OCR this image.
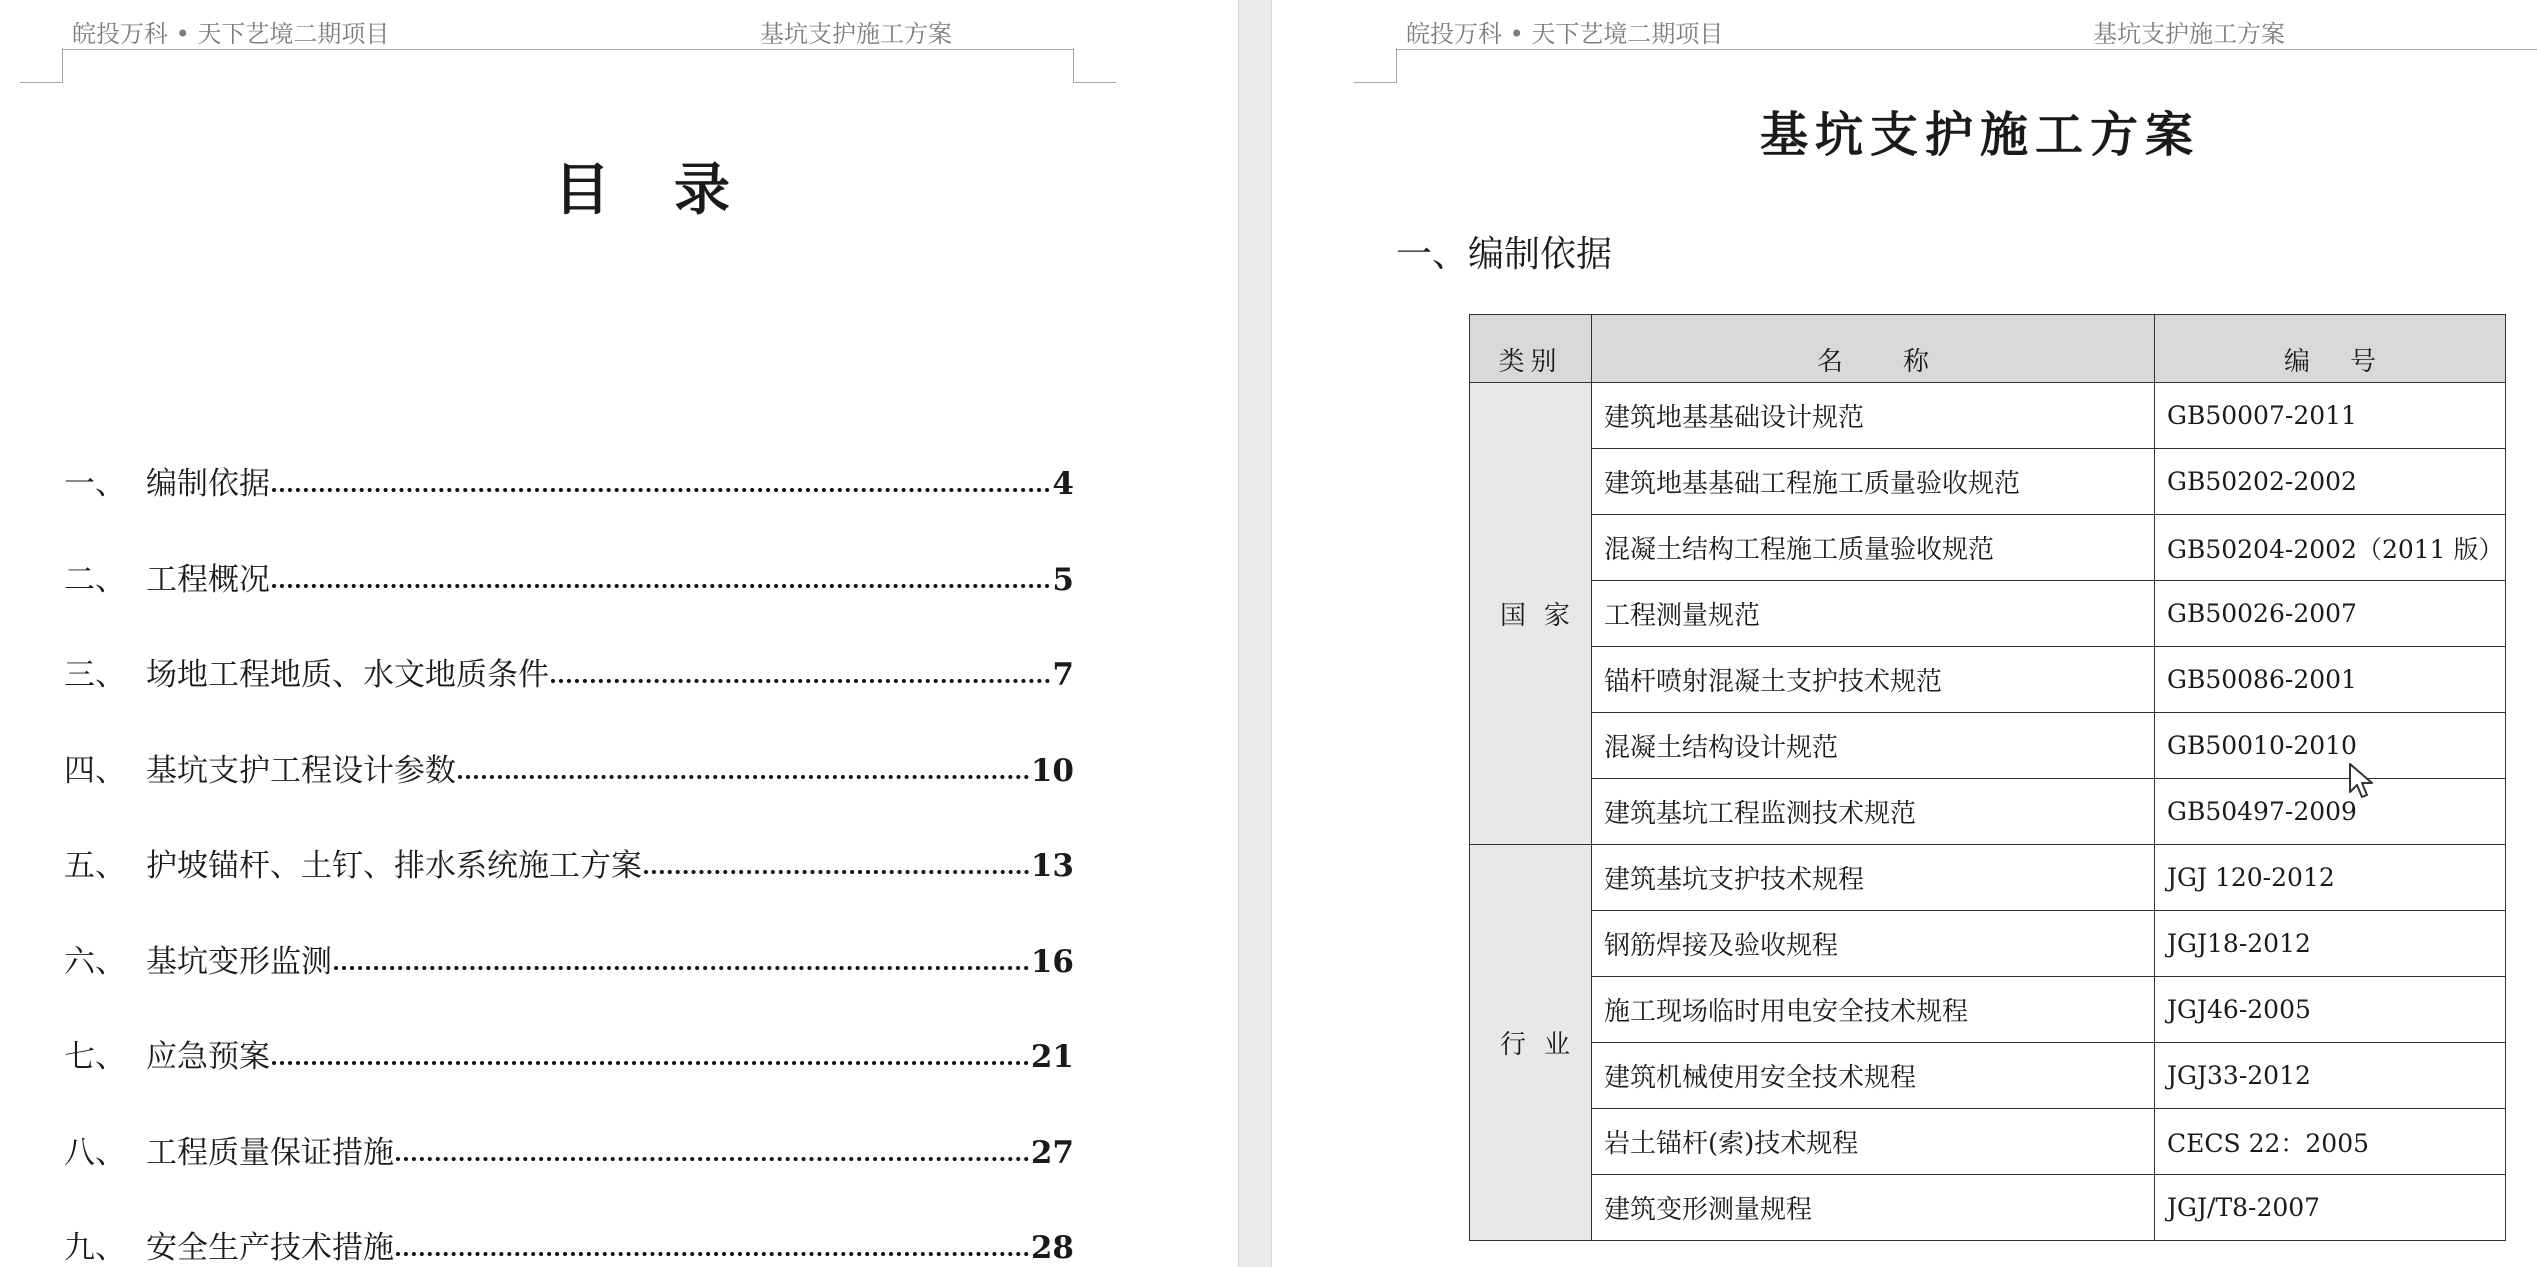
皖投万科 • 天下艺境二期项目	基坑支护施工方案
目录
一、 编制依据	4
二、 工程概况	5
三、 场地工程地质、水文地质条件	7
四、 基坑支护工程设计参数	10
五、 护坡锚杆、土钉、排水系统施工方案	13
六、 基坑变形监测	16
七、 应急预案	21
八、 工程质量保证措施	27
九、 安全生产技术措施	28
皖投万科 • 天下艺境二期项目	基坑支护施工方案
基坑支护施工方案
一、编制依据
类别	名称	编号
国家	建筑地基基础设计规范	GB50007-2011
	建筑地基基础工程施工质量验收规范	GB50202-2002
	混凝土结构工程施工质量验收规范	GB50204-2002（2011 版）
	工程测量规范	GB50026-2007
	锚杆喷射混凝土支护技术规范	GB50086-2001
	混凝土结构设计规范	GB50010-2010
	建筑基坑工程监测技术规范	GB50497-2009
行业	建筑基坑支护技术规程	JGJ 120-2012
	钢筋焊接及验收规程	JGJ18-2012
	施工现场临时用电安全技术规程	JGJ46-2005
	建筑机械使用安全技术规程	JGJ33-2012
	岩土锚杆(索)技术规程	CECS 22：2005
	建筑变形测量规程	JGJ/T8-2007
